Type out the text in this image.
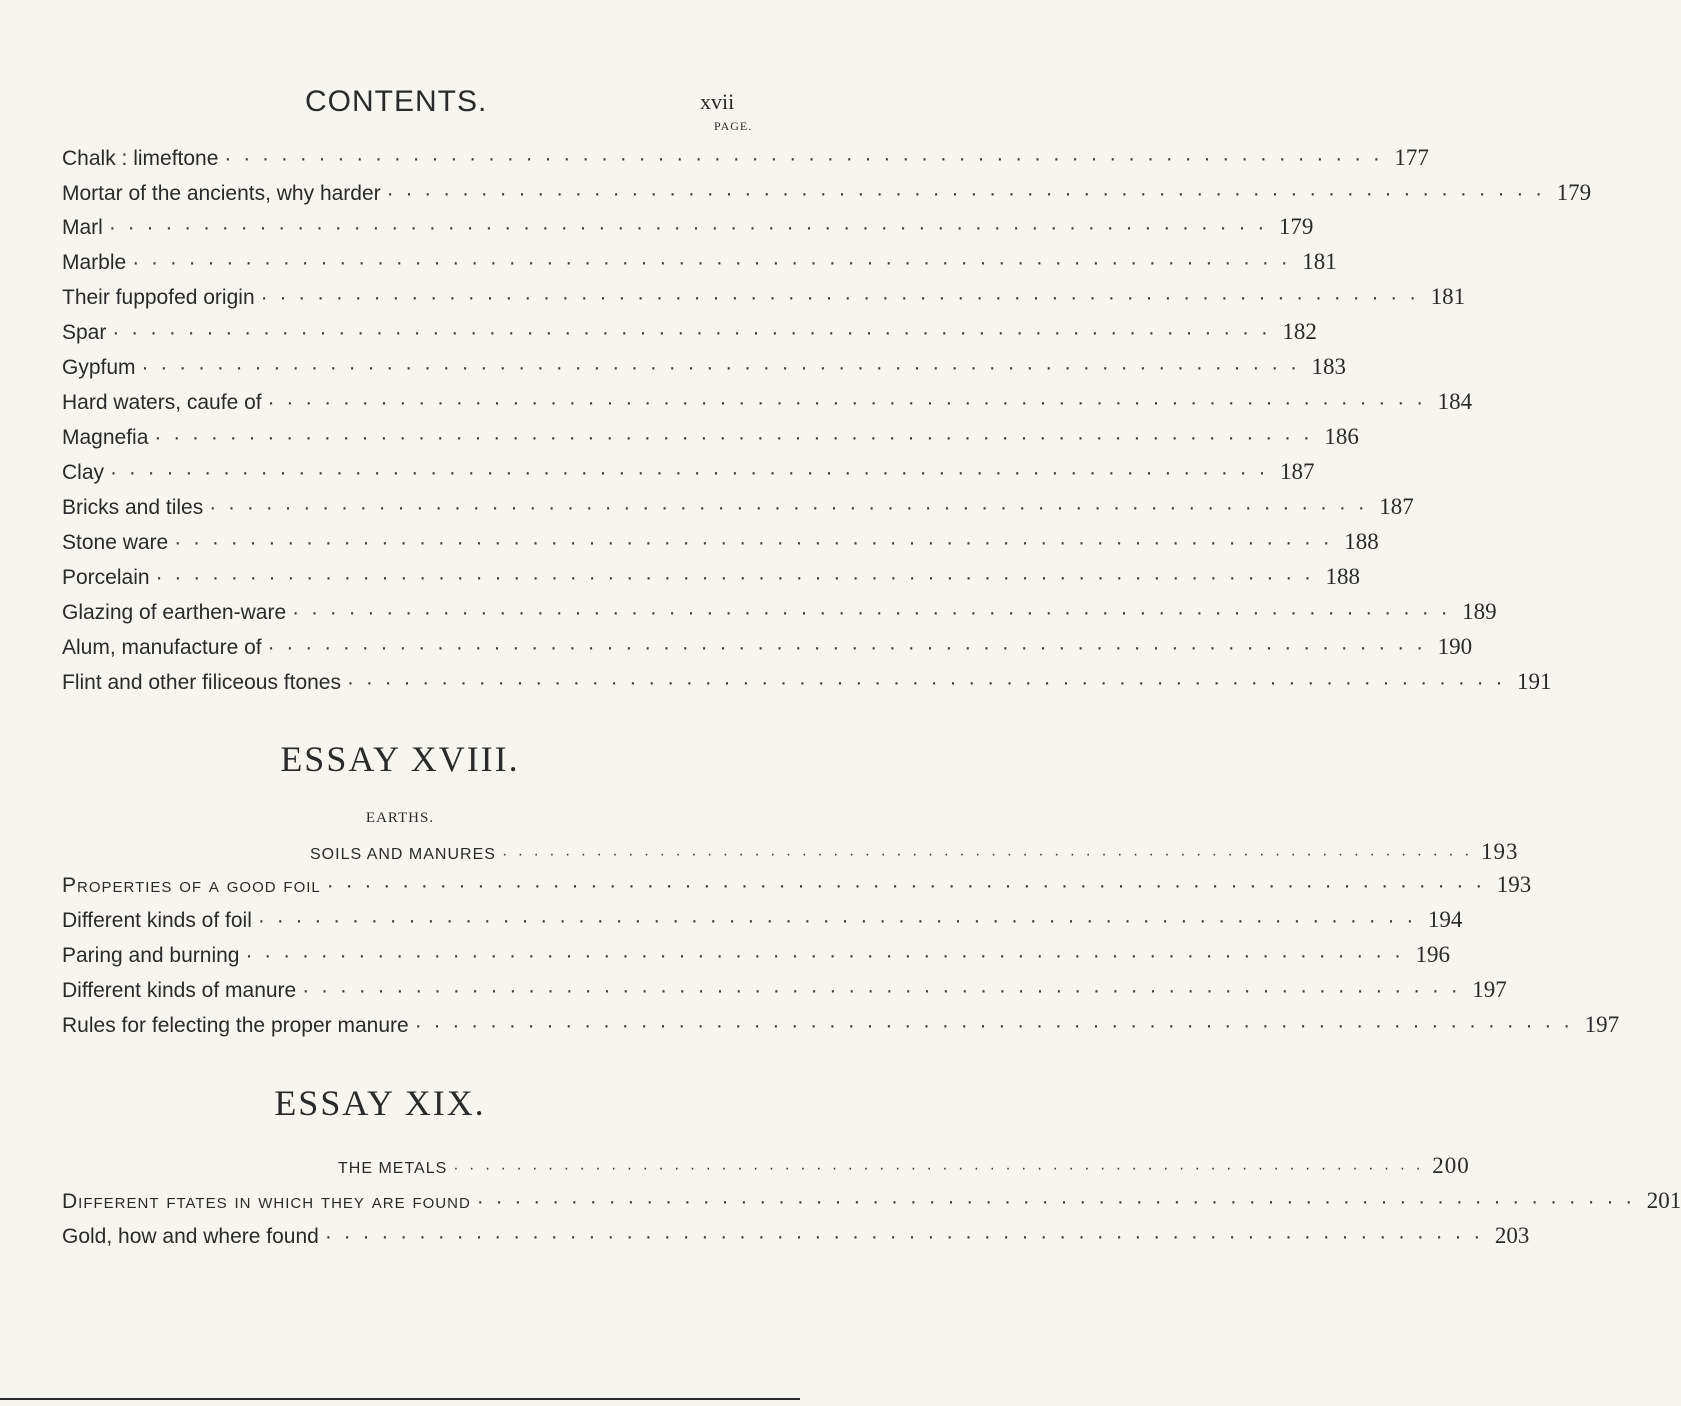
CONTENTS.	xvii
PAGE.
Chalk : limeftone · · · · · · · · · · · · · · · · · · · · · · · · · · · · · · · · · · · · · · · · · · · · · · · · · · · · · · · · · · · · · · 177
Mortar of the ancients, why harder · · · · · · · · · · · · · · · · · · · · · · · · · · · · · · · · · · · · · · · · · · · · · · · · · · · · · · · · · · · · · · 179
Marl · · · · · · · · · · · · · · · · · · · · · · · · · · · · · · · · · · · · · · · · · · · · · · · · · · · · · · · · · · · · · · 179
Marble · · · · · · · · · · · · · · · · · · · · · · · · · · · · · · · · · · · · · · · · · · · · · · · · · · · · · · · · · · · · · · 181
Their fuppofed origin · · · · · · · · · · · · · · · · · · · · · · · · · · · · · · · · · · · · · · · · · · · · · · · · · · · · · · · · · · · · · · 181
Spar · · · · · · · · · · · · · · · · · · · · · · · · · · · · · · · · · · · · · · · · · · · · · · · · · · · · · · · · · · · · · · 182
Gypfum · · · · · · · · · · · · · · · · · · · · · · · · · · · · · · · · · · · · · · · · · · · · · · · · · · · · · · · · · · · · · · 183
Hard waters, caufe of · · · · · · · · · · · · · · · · · · · · · · · · · · · · · · · · · · · · · · · · · · · · · · · · · · · · · · · · · · · · · · 184
Magnefia · · · · · · · · · · · · · · · · · · · · · · · · · · · · · · · · · · · · · · · · · · · · · · · · · · · · · · · · · · · · · · 186
Clay · · · · · · · · · · · · · · · · · · · · · · · · · · · · · · · · · · · · · · · · · · · · · · · · · · · · · · · · · · · · · · 187
Bricks and tiles · · · · · · · · · · · · · · · · · · · · · · · · · · · · · · · · · · · · · · · · · · · · · · · · · · · · · · · · · · · · · · 187
Stone ware · · · · · · · · · · · · · · · · · · · · · · · · · · · · · · · · · · · · · · · · · · · · · · · · · · · · · · · · · · · · · · 188
Porcelain · · · · · · · · · · · · · · · · · · · · · · · · · · · · · · · · · · · · · · · · · · · · · · · · · · · · · · · · · · · · · · 188
Glazing of earthen-ware · · · · · · · · · · · · · · · · · · · · · · · · · · · · · · · · · · · · · · · · · · · · · · · · · · · · · · · · · · · · · · 189
Alum, manufacture of · · · · · · · · · · · · · · · · · · · · · · · · · · · · · · · · · · · · · · · · · · · · · · · · · · · · · · · · · · · · · · 190
Flint and other filiceous ftones · · · · · · · · · · · · · · · · · · · · · · · · · · · · · · · · · · · · · · · · · · · · · · · · · · · · · · · · · · · · · · 191
ESSAY XVIII.
EARTHS.
SOILS AND MANURES · · · · · · · · · · · · · · · · · · · · · · · · · · · · · · · · · · · · · · · · · · · · · · · · · · · · · · · · · · · · · · 193
Properties of a good foil · · · · · · · · · · · · · · · · · · · · · · · · · · · · · · · · · · · · · · · · · · · · · · · · · · · · · · · · · · · · · · 193
Different kinds of foil · · · · · · · · · · · · · · · · · · · · · · · · · · · · · · · · · · · · · · · · · · · · · · · · · · · · · · · · · · · · · · 194
Paring and burning · · · · · · · · · · · · · · · · · · · · · · · · · · · · · · · · · · · · · · · · · · · · · · · · · · · · · · · · · · · · · · 196
Different kinds of manure · · · · · · · · · · · · · · · · · · · · · · · · · · · · · · · · · · · · · · · · · · · · · · · · · · · · · · · · · · · · · · 197
Rules for felecting the proper manure · · · · · · · · · · · · · · · · · · · · · · · · · · · · · · · · · · · · · · · · · · · · · · · · · · · · · · · · · · · · · · 197
ESSAY XIX.
THE METALS · · · · · · · · · · · · · · · · · · · · · · · · · · · · · · · · · · · · · · · · · · · · · · · · · · · · · · · · · · · · · · 200
Different ftates in which they are found · · · · · · · · · · · · · · · · · · · · · · · · · · · · · · · · · · · · · · · · · · · · · · · · · · · · · · · · · · · · · · 201
Gold, how and where found · · · · · · · · · · · · · · · · · · · · · · · · · · · · · · · · · · · · · · · · · · · · · · · · · · · · · · · · · · · · · · 203
